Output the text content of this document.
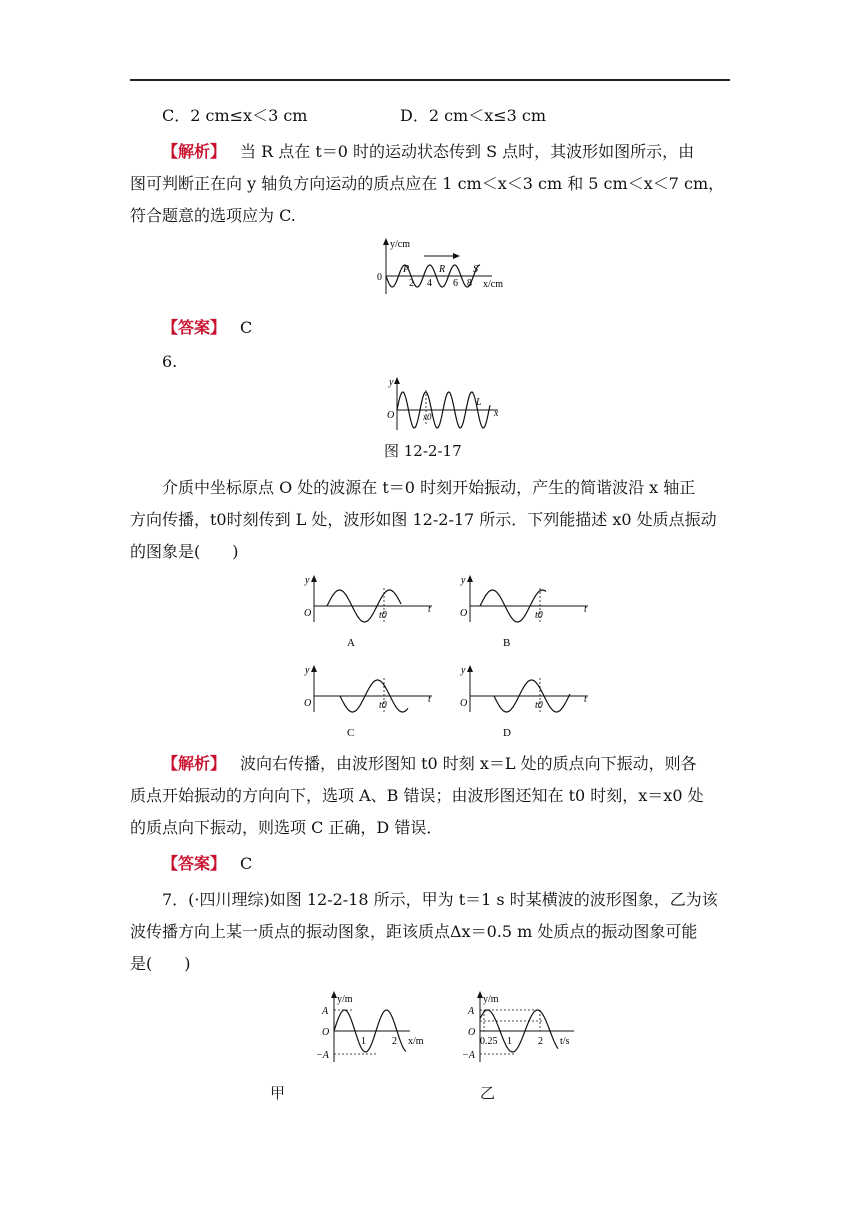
C．2 cm≤x＜3 cm	D．2 cm＜x≤3 cm
【解析】 当 R 点在 t＝0 时的运动状态传到 S 点时，其波形如图所示，由
图可判断正在向 y 轴负方向运动的质点应在 1 cm＜x＜3 cm 和 5 cm＜x＜7 cm，
符合题意的选项应为 C.
y/cm
0
P	R	S
2 4 6 8 x/cm
【答案】 C
6.
y
O	x0
L
x
图 12-2-17
介质中坐标原点 O 处的波源在 t＝0 时刻开始振动，产生的简谐波沿 x 轴正
方向传播，t0时刻传到 L 处，波形如图 12-2-17 所示．下列能描述 x0 处质点振动
的图象是(　　)
y
O	t0
t
A
y
O	t0
t
B
y
O	t0
t
C
y
O	t0
t
D
【解析】 波向右传播，由波形图知 t0 时刻 x＝L 处的质点向下振动，则各
质点开始振动的方向向下，选项 A、B 错误；由波形图还知在 t0 时刻，x＝x0 处
的质点向下振动，则选项 C 正确，D 错误．
【答案】 C
7．(·四川理综)如图 12-2-18 所示，甲为 t＝1 s 时某横波的波形图象，乙为该
波传播方向上某一质点的振动图象，距该质点Δx＝0.5 m 处质点的振动图象可能
是(　　)
y/m
A
O
−A
1	2 x/m
甲
y/m
A
O
−A
0.25 1	2 t/s
乙
